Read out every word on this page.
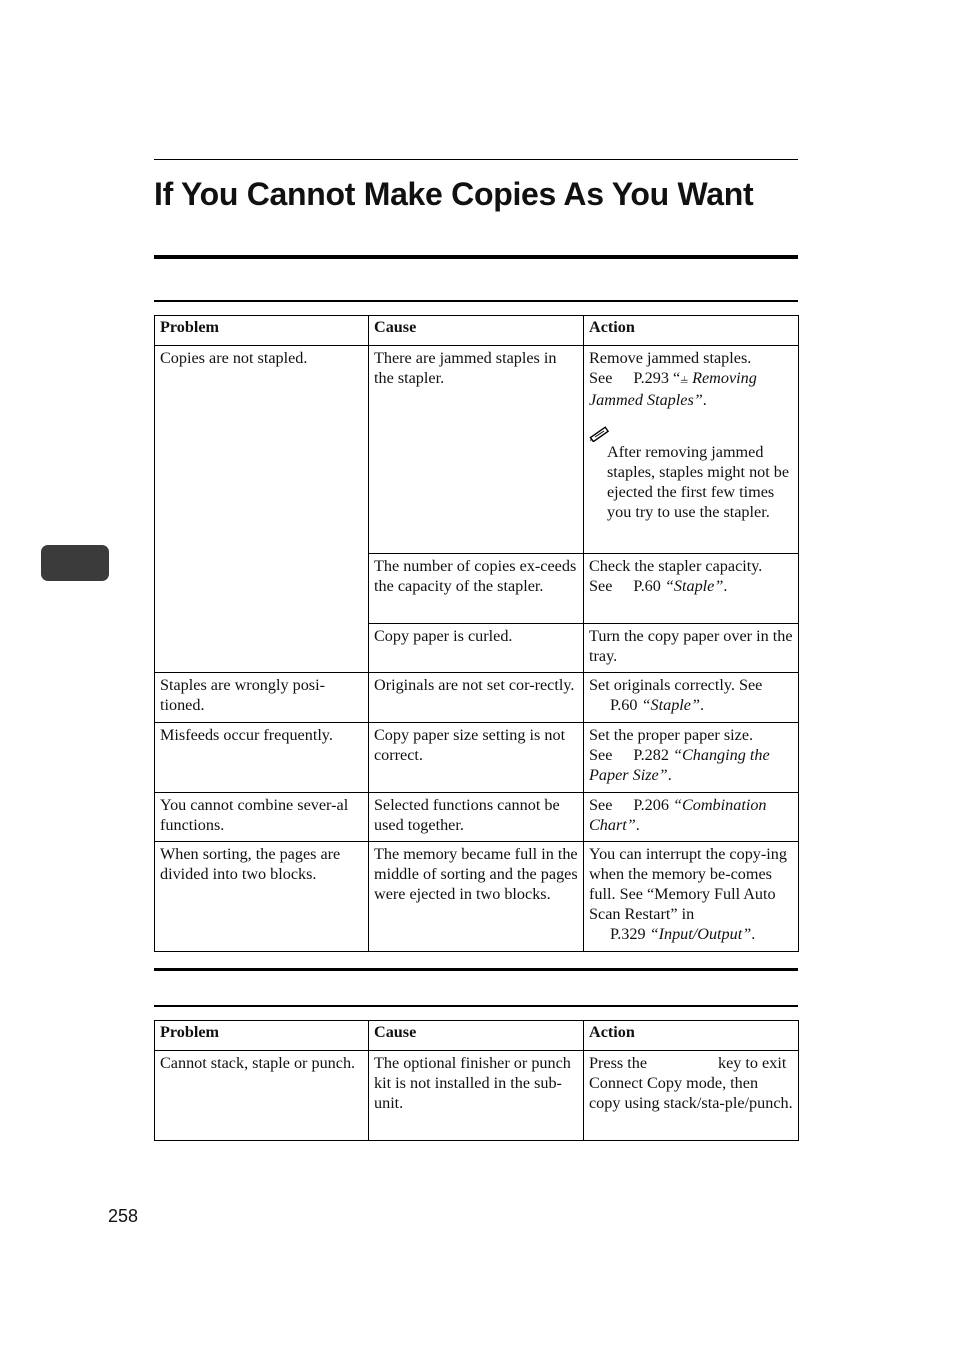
If You Cannot Make Copies As You Want
Problem	Cause	Action
Copies are not stapled.	There are jammed staples in the stapler.	Remove jammed staples.
See P.293 “⫨ Removing Jammed Staples”.
After removing jammed staples, staples might not be ejected the first few times you try to use the stapler.

	The number of copies ex-ceeds the capacity of the stapler.	Check the stapler capacity.
See P.60 “Staple”.

	Copy paper is curled.	Turn the copy paper over in the tray.
Staples are wrongly posi-tioned.	Originals are not set cor-rectly.	Set originals correctly. See
P.60 “Staple”.

Misfeeds occur frequently.	Copy paper size setting is not correct.	Set the proper paper size.
See P.282 “Changing the Paper Size”.

You cannot combine sever-al functions.	Selected functions cannot be used together.	See P.206 “Combination Chart”.

When sorting, the pages are divided into two blocks.	The memory became full in the middle of sorting and the pages were ejected in two blocks.	You can interrupt the copy-ing when the memory be-comes full. See “Memory Full Auto Scan Restart” in
P.329 “Input/Output”.
Problem	Cause	Action
Cannot stack, staple or punch.	The optional finisher or punch kit is not installed in the sub-unit.	Press the key to exit Connect Copy mode, then copy using stack/sta-ple/punch.
258
